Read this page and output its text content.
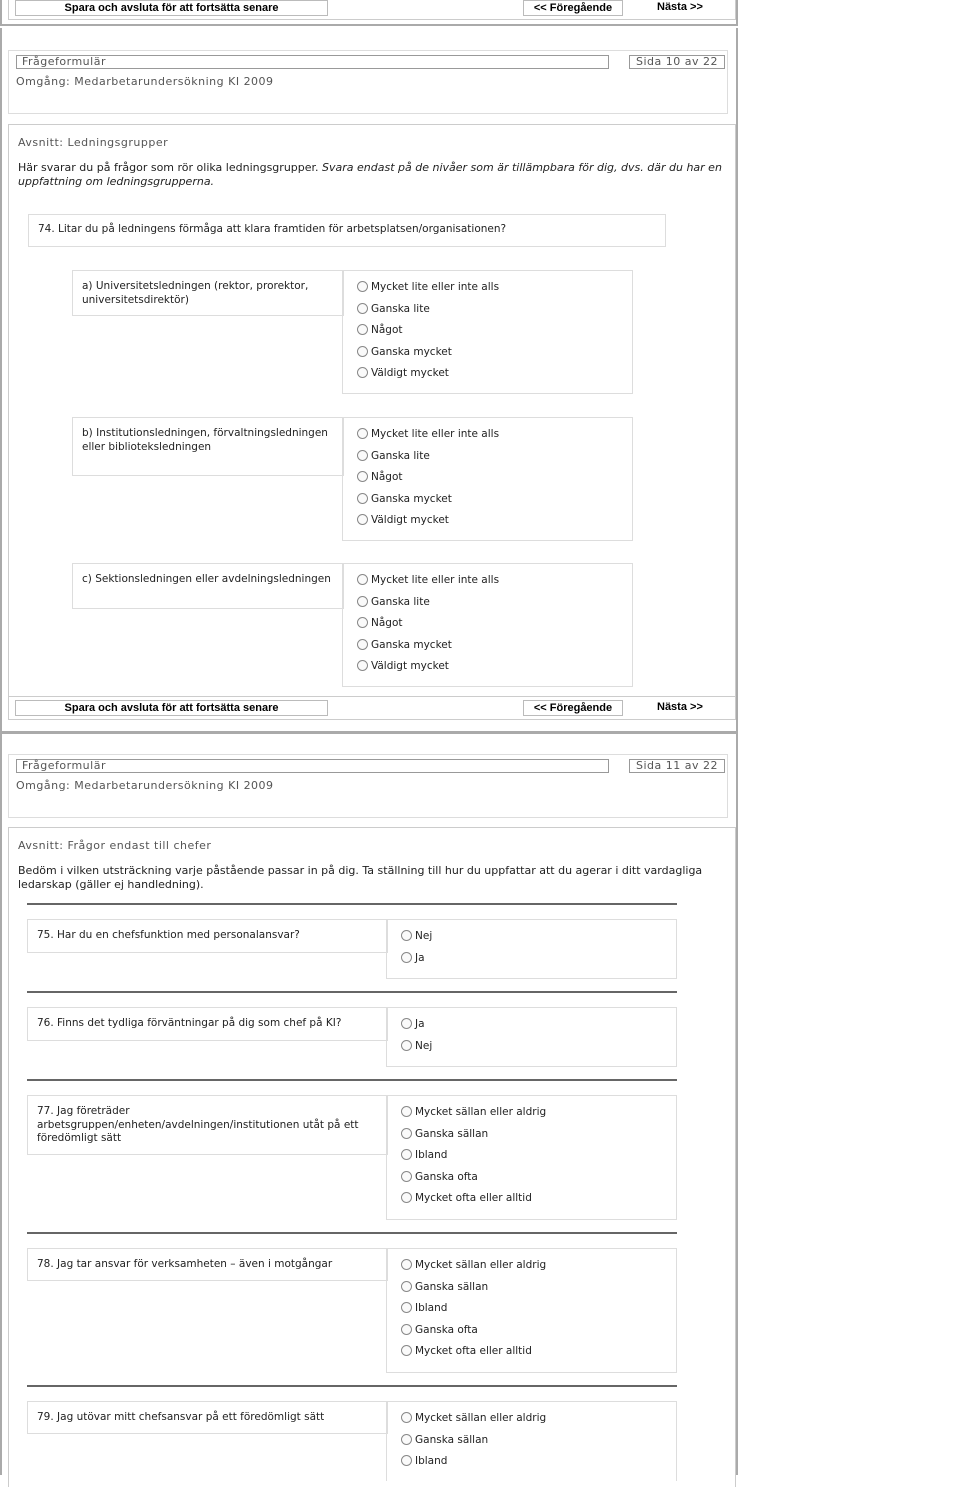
Spara och avsluta för att fortsätta senare	<< Föregående	Nästa >>
Frågeformulär	Sida 10 av 22
Omgång: Medarbetarundersökning KI 2009
Avsnitt: Ledningsgrupper
Här svarar du på frågor som rör olika ledningsgrupper. Svara endast på de nivåer som är tillämpbara för dig, dvs. där du har en uppfattning om ledningsgrupperna.
74. Litar du på ledningens förmåga att klara framtiden för arbetsplatsen/organisationen?
a) Universitetsledningen (rektor, prorektor, universitetsdirektör)
Mycket lite eller inte alls
Ganska lite
Något
Ganska mycket
Väldigt mycket
b) Institutionsledningen, förvaltningsledningen eller biblioteksledningen
Mycket lite eller inte alls
Ganska lite
Något
Ganska mycket
Väldigt mycket
c) Sektionsledningen eller avdelningsledningen	Mycket lite eller inte alls
Ganska lite
Något
Ganska mycket
Väldigt mycket
Spara och avsluta för att fortsätta senare	<< Föregående	Nästa >>
Frågeformulär	Sida 11 av 22
Omgång: Medarbetarundersökning KI 2009
Avsnitt: Frågor endast till chefer
Bedöm i vilken utsträckning varje påstående passar in på dig. Ta ställning till hur du uppfattar att du agerar i ditt vardagliga ledarskap (gäller ej handledning).
75. Har du en chefsfunktion med personalansvar?	Nej
Ja
76. Finns det tydliga förväntningar på dig som chef på KI?	Ja
Nej
77. Jag företräder arbetsgruppen/enheten/avdelningen/institutionen utåt på ett föredömligt sätt
Mycket sällan eller aldrig
Ganska sällan
Ibland
Ganska ofta
Mycket ofta eller alltid
78. Jag tar ansvar för verksamheten – även i motgångar	Mycket sällan eller aldrig
Ganska sällan
Ibland
Ganska ofta
Mycket ofta eller alltid
79. Jag utövar mitt chefsansvar på ett föredömligt sätt	Mycket sällan eller aldrig
Ganska sällan
Ibland
